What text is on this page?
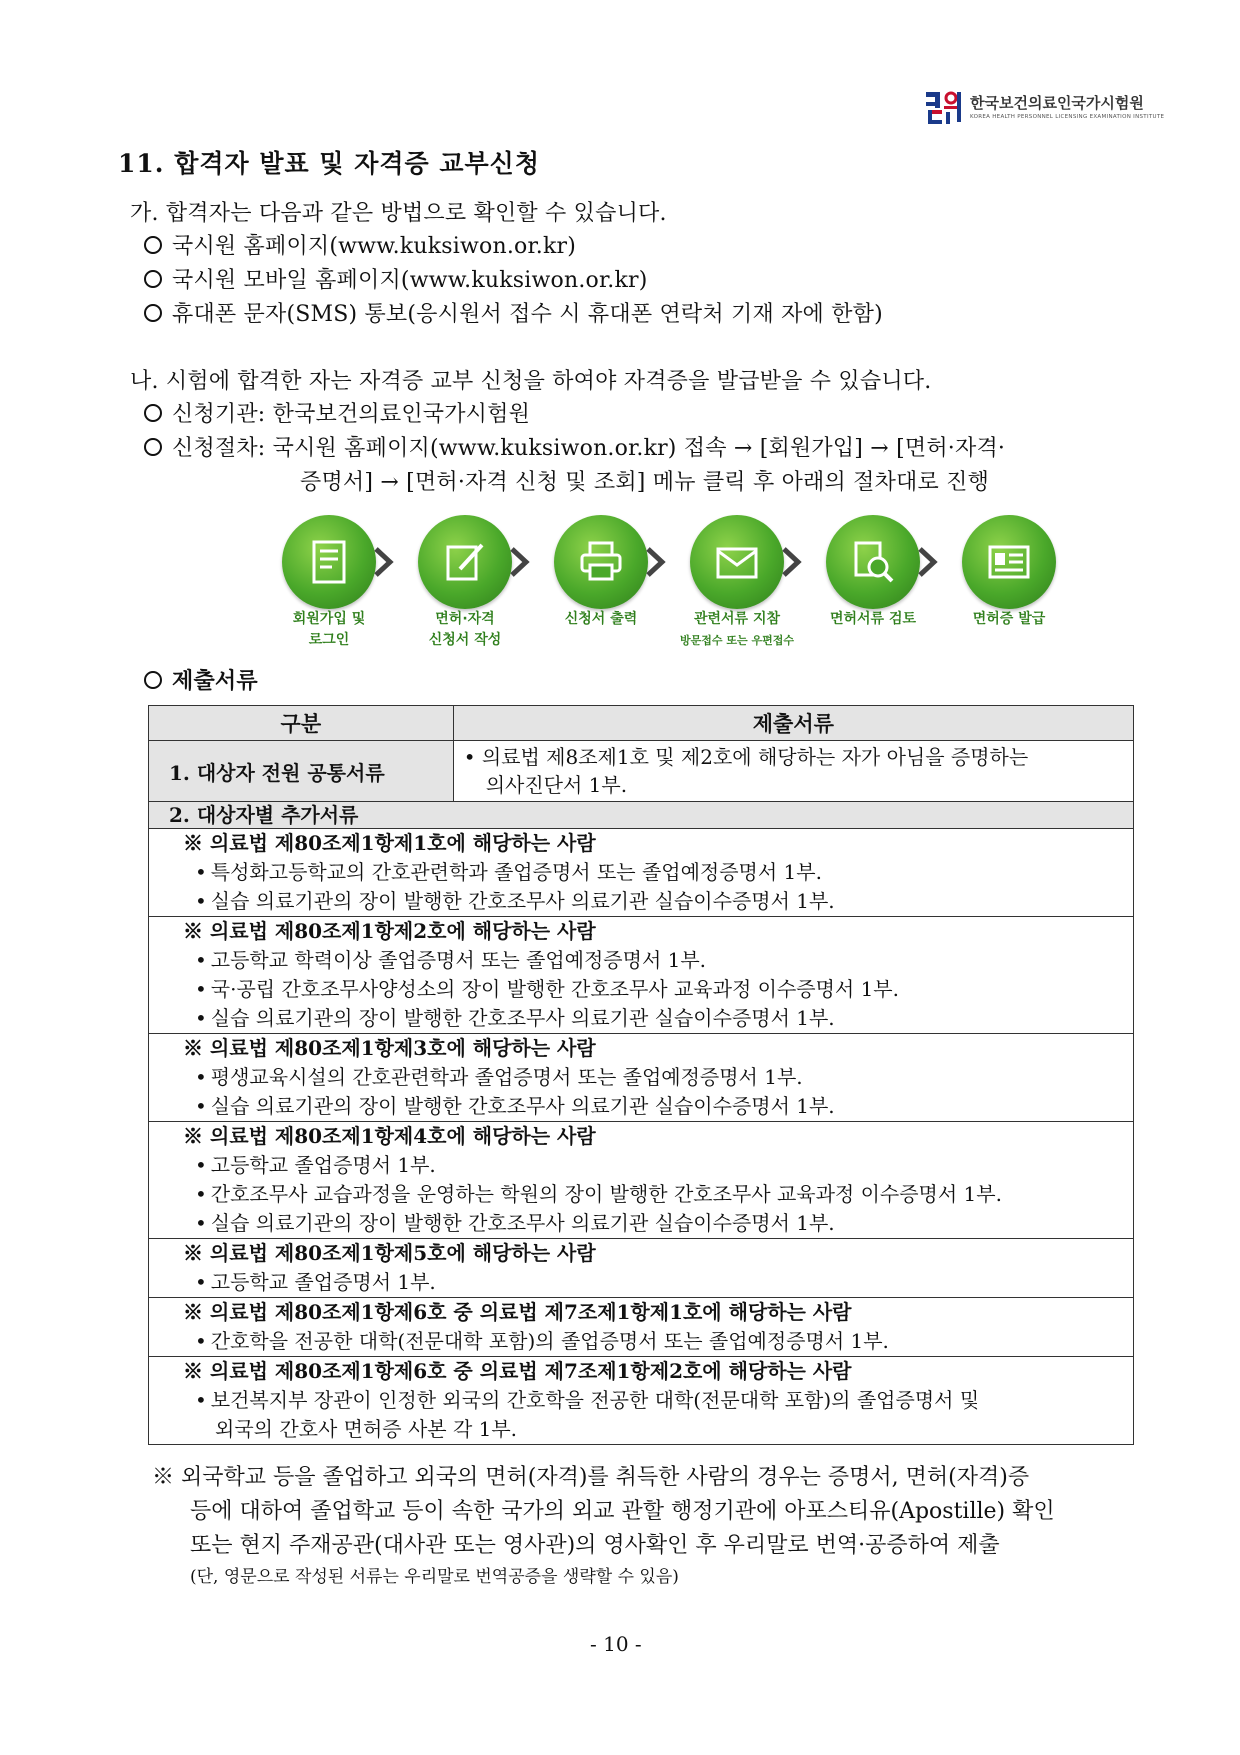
한국보건의료인국가시험원
KOREA HEALTH PERSONNEL LICENSING EXAMINATION INSTITUTE
11. 합격자 발표 및 자격증 교부신청
가. 합격자는 다음과 같은 방법으로 확인할 수 있습니다.
국시원 홈페이지(www.kuksiwon.or.kr)
국시원 모바일 홈페이지(www.kuksiwon.or.kr)
휴대폰 문자(SMS) 통보(응시원서 접수 시 휴대폰 연락처 기재 자에 한함)
나. 시험에 합격한 자는 자격증 교부 신청을 하여야 자격증을 발급받을 수 있습니다.
신청기관: 한국보건의료인국가시험원
신청절차: 국시원 홈페이지(www.kuksiwon.or.kr) 접속 → [회원가입] → [면허·자격·
증명서] → [면허·자격 신청 및 조회] 메뉴 클릭 후 아래의 절차대로 진행
회원가입 및
로그인
면허·자격
신청서 작성
신청서 출력	관련서류 지참
방문접수 또는 우편접수
면허서류 검토	면허증 발급
제출서류
구분	제출서류
1. 대상자 전원 공통서류	• 의료법 제8조제1호 및 제2호에 해당하는 자가 아님을 증명하는
의사진단서 1부.

2. 대상자별 추가서류	

※ 의료법 제80조제1항제1호에 해당하는 사람
• 특성화고등학교의 간호관련학과 졸업증명서 또는 졸업예정증명서 1부.
• 실습 의료기관의 장이 발행한 간호조무사 의료기관 실습이수증명서 1부.

※ 의료법 제80조제1항제2호에 해당하는 사람
• 고등학교 학력이상 졸업증명서 또는 졸업예정증명서 1부.
• 국·공립 간호조무사양성소의 장이 발행한 간호조무사 교육과정 이수증명서 1부.
• 실습 의료기관의 장이 발행한 간호조무사 의료기관 실습이수증명서 1부.

※ 의료법 제80조제1항제3호에 해당하는 사람
• 평생교육시설의 간호관련학과 졸업증명서 또는 졸업예정증명서 1부.
• 실습 의료기관의 장이 발행한 간호조무사 의료기관 실습이수증명서 1부.

※ 의료법 제80조제1항제4호에 해당하는 사람
• 고등학교 졸업증명서 1부.
• 간호조무사 교습과정을 운영하는 학원의 장이 발행한 간호조무사 교육과정 이수증명서 1부.
• 실습 의료기관의 장이 발행한 간호조무사 의료기관 실습이수증명서 1부.

※ 의료법 제80조제1항제5호에 해당하는 사람
• 고등학교 졸업증명서 1부.

※ 의료법 제80조제1항제6호 중 의료법 제7조제1항제1호에 해당하는 사람
• 간호학을 전공한 대학(전문대학 포함)의 졸업증명서 또는 졸업예정증명서 1부.

※ 의료법 제80조제1항제6호 중 의료법 제7조제1항제2호에 해당하는 사람
• 보건복지부 장관이 인정한 외국의 간호학을 전공한 대학(전문대학 포함)의 졸업증명서 및
외국의 간호사 면허증 사본 각 1부.
※ 외국학교 등을 졸업하고 외국의 면허(자격)를 취득한 사람의 경우는 증명서, 면허(자격)증
등에 대하여 졸업학교 등이 속한 국가의 외교 관할 행정기관에 아포스티유(Apostille) 확인
또는 현지 주재공관(대사관 또는 영사관)의 영사확인 후 우리말로 번역·공증하여 제출
(단, 영문으로 작성된 서류는 우리말로 번역공증을 생략할 수 있음)
- 10 -
